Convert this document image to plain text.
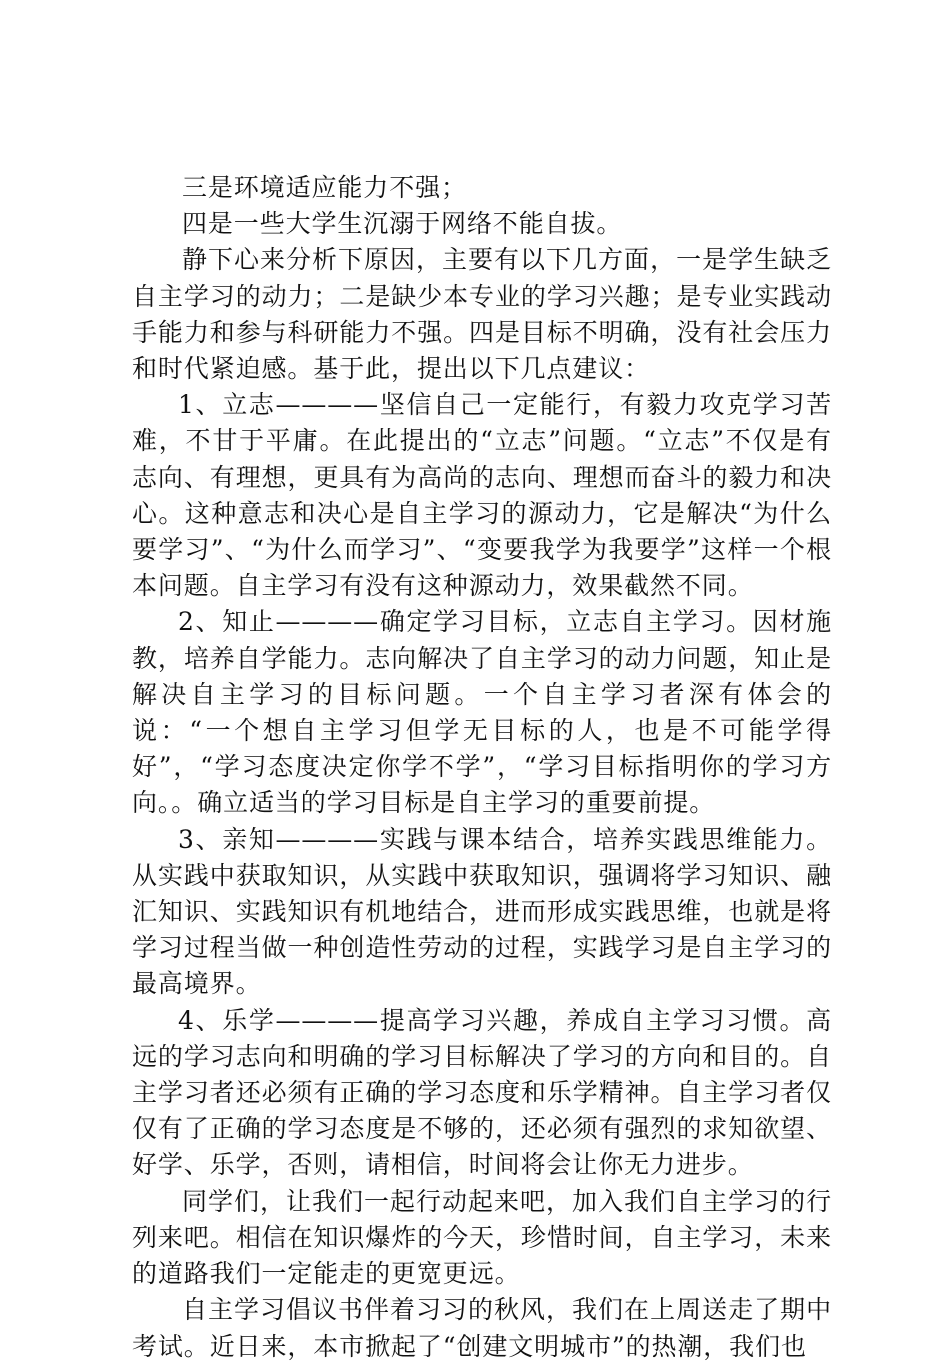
三是环境适应能力不强；

四是一些大学生沉溺于网络不能自拔。

静下心来分析下原因，主要有以下几方面，一是学生缺乏自主学习的动力；二是缺少本专业的学习兴趣；是专业实践动手能力和参与科研能力不强。四是目标不明确，没有社会压力和时代紧迫感。基于此，提出以下几点建议：

1、立志————坚信自己一定能行，有毅力攻克学习苦难，不甘于平庸。在此提出的“立志”问题。“立志”不仅是有志向、有理想，更具有为高尚的志向、理想而奋斗的毅力和决心。这种意志和决心是自主学习的源动力，它是解决“为什么要学习”、“为什么而学习”、“变要我学为我要学”这样一个根本问题。自主学习有没有这种源动力，效果截然不同。

2、知止————确定学习目标，立志自主学习。因材施教，培养自学能力。志向解决了自主学习的动力问题，知止是解决自主学习的目标问题。一个自主学习者深有体会的说：“一个想自主学习但学无目标的人，也是不可能学得好”，“学习态度决定你学不学”，“学习目标指明你的学习方向。。确立适当的学习目标是自主学习的重要前提。

3、亲知————实践与课本结合，培养实践思维能力。从实践中获取知识，从实践中获取知识，强调将学习知识、融汇知识、实践知识有机地结合，进而形成实践思维，也就是将学习过程当做一种创造性劳动的过程，实践学习是自主学习的最高境界。

4、乐学————提高学习兴趣，养成自主学习习惯。高远的学习志向和明确的学习目标解决了学习的方向和目的。自主学习者还必须有正确的学习态度和乐学精神。自主学习者仅仅有了正确的学习态度是不够的，还必须有强烈的求知欲望、好学、乐学，否则，请相信，时间将会让你无力进步。

同学们，让我们一起行动起来吧，加入我们自主学习的行列来吧。相信在知识爆炸的今天，珍惜时间，自主学习，未来的道路我们一定能走的更宽更远。

自主学习倡议书伴着习习的秋风，我们在上周送走了期中考试。近日来，本市掀起了“创建文明城市”的热潮，我们也
